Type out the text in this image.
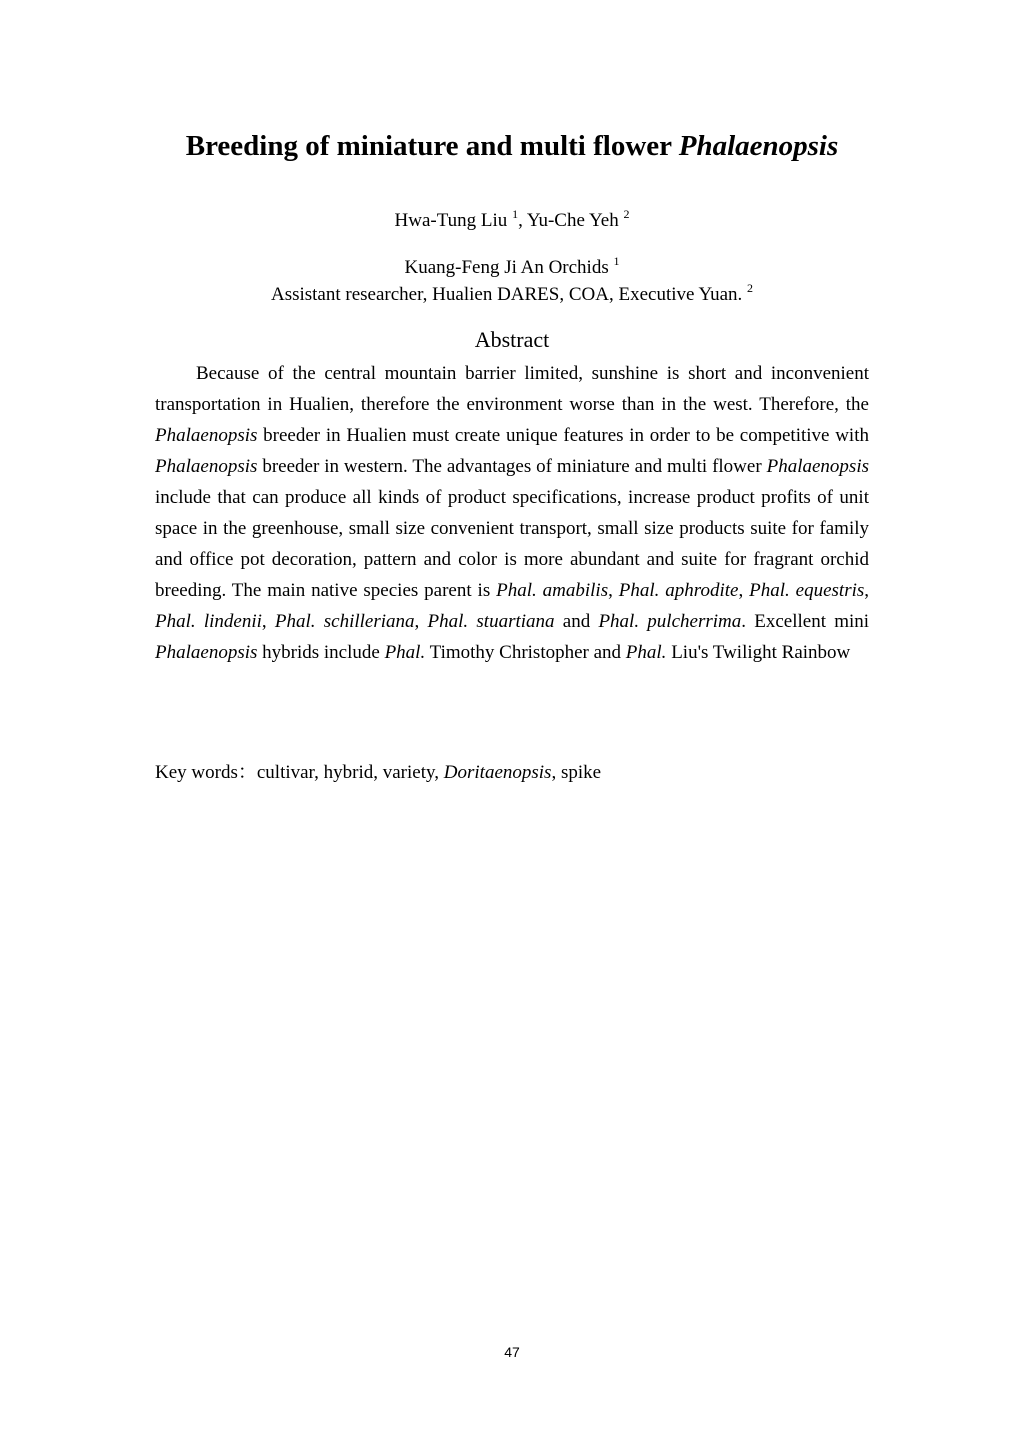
Breeding of miniature and multi flower Phalaenopsis
Hwa-Tung Liu $^1$, Yu-Che Yeh $^2$
Kuang-Feng Ji An Orchids $^1$
Assistant researcher, Hualien DARES, COA, Executive Yuan. $^2$
Abstract

Because of the central mountain barrier limited, sunshine is short and inconvenient transportation in Hualien, therefore the environment worse than in the west. Therefore, the Phalaenopsis breeder in Hualien must create unique features in order to be competitive with Phalaenopsis breeder in western. The advantages of miniature and multi flower Phalaenopsis include that can produce all kinds of product specifications, increase product profits of unit space in the greenhouse, small size convenient transport, small size products suite for family and office pot decoration, pattern and color is more abundant and suite for fragrant orchid breeding. The main native species parent is Phal. amabilis, Phal. aphrodite, Phal. equestris, Phal. lindenii, Phal. schilleriana, Phal. stuartiana and Phal. pulcherrima. Excellent mini Phalaenopsis hybrids include Phal. Timothy Christopher and Phal. Liu's Twilight Rainbow

Key words：cultivar, hybrid, variety, Doritaenopsis, spike

47
